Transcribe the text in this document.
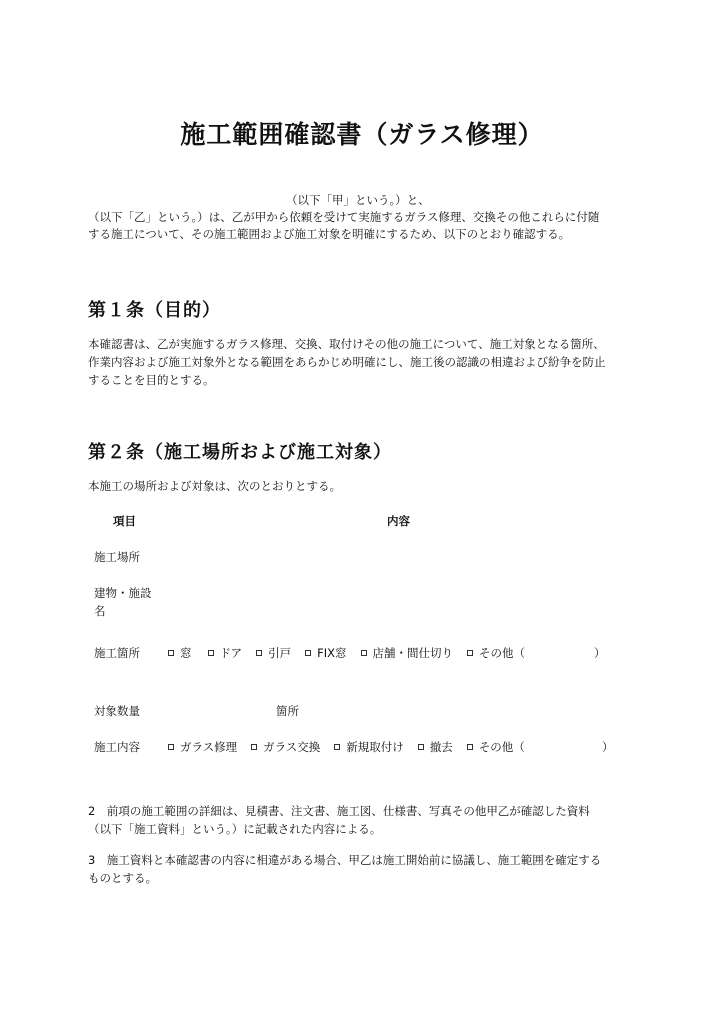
施工範囲確認書（ガラス修理）
（以下「甲」という。）と、
（以下「乙」という。）は、乙が甲から依頼を受けて実施するガラス修理、交換その他これらに付随
する施工について、その施工範囲および施工対象を明確にするため、以下のとおり確認する。
第１条（目的）
本確認書は、乙が実施するガラス修理、交換、取付けその他の施工について、施工対象となる箇所、
作業内容および施工対象外となる範囲をあらかじめ明確にし、施工後の認識の相違および紛争を防止
することを目的とする。
第２条（施工場所および施工対象）
本施工の場所および対象は、次のとおりとする。
項目	内容
施工場所
建物・施設
名
施工箇所	窓 ドア 引戸 FIX窓 店舗・間仕切り その他（	）
対象数量	箇所
施工内容	ガラス修理 ガラス交換 新規取付け 撤去 その他（	）
2　前項の施工範囲の詳細は、見積書、注文書、施工図、仕様書、写真その他甲乙が確認した資料
（以下「施工資料」という。）に記載された内容による。
3　施工資料と本確認書の内容に相違がある場合、甲乙は施工開始前に協議し、施工範囲を確定する
ものとする。
